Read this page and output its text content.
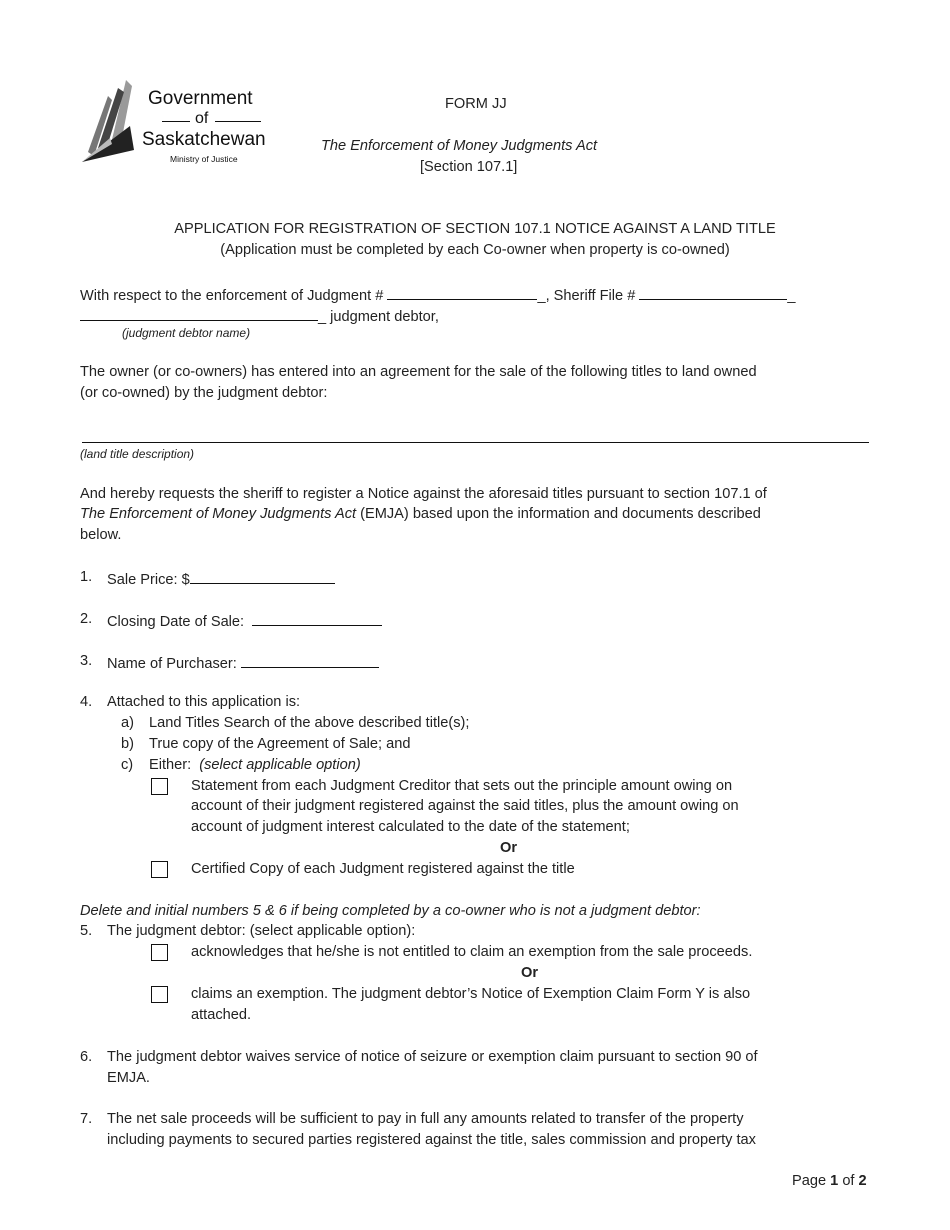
Government
of
Saskatchewan
Ministry of Justice
FORM JJ
The Enforcement of Money Judgments Act
[Section 107.1]
APPLICATION FOR REGISTRATION OF SECTION 107.1 NOTICE AGAINST A LAND TITLE
(Application must be completed by each Co-owner when property is co-owned)
With respect to the enforcement of Judgment #	_, Sheriff File #	_
_ judgment debtor,
(judgment debtor name)
The owner (or co-owners) has entered into an agreement for the sale of the following titles to land owned
(or co-owned) by the judgment debtor:
(land title description)
And hereby requests the sheriff to register a Notice against the aforesaid titles pursuant to section 107.1 of
The Enforcement of Money Judgments Act (EMJA) based upon the information and documents described
below.
1. Sale Price: $
2. Closing Date of Sale:
3. Name of Purchaser:
4. Attached to this application is:
a) Land Titles Search of the above described title(s);
b) True copy of the Agreement of Sale; and
c) Either: (select applicable option)
Statement from each Judgment Creditor that sets out the principle amount owing on
account of their judgment registered against the said titles, plus the amount owing on
account of judgment interest calculated to the date of the statement;
Or
Certified Copy of each Judgment registered against the title
Delete and initial numbers 5 & 6 if being completed by a co-owner who is not a judgment debtor:
5. The judgment debtor: (select applicable option):
acknowledges that he/she is not entitled to claim an exemption from the sale proceeds.
Or
claims an exemption. The judgment debtor’s Notice of Exemption Claim Form Y is also
attached.
6. The judgment debtor waives service of notice of seizure or exemption claim pursuant to section 90 of
EMJA.
7. The net sale proceeds will be sufficient to pay in full any amounts related to transfer of the property
including payments to secured parties registered against the title, sales commission and property tax
Page 1 of 2
